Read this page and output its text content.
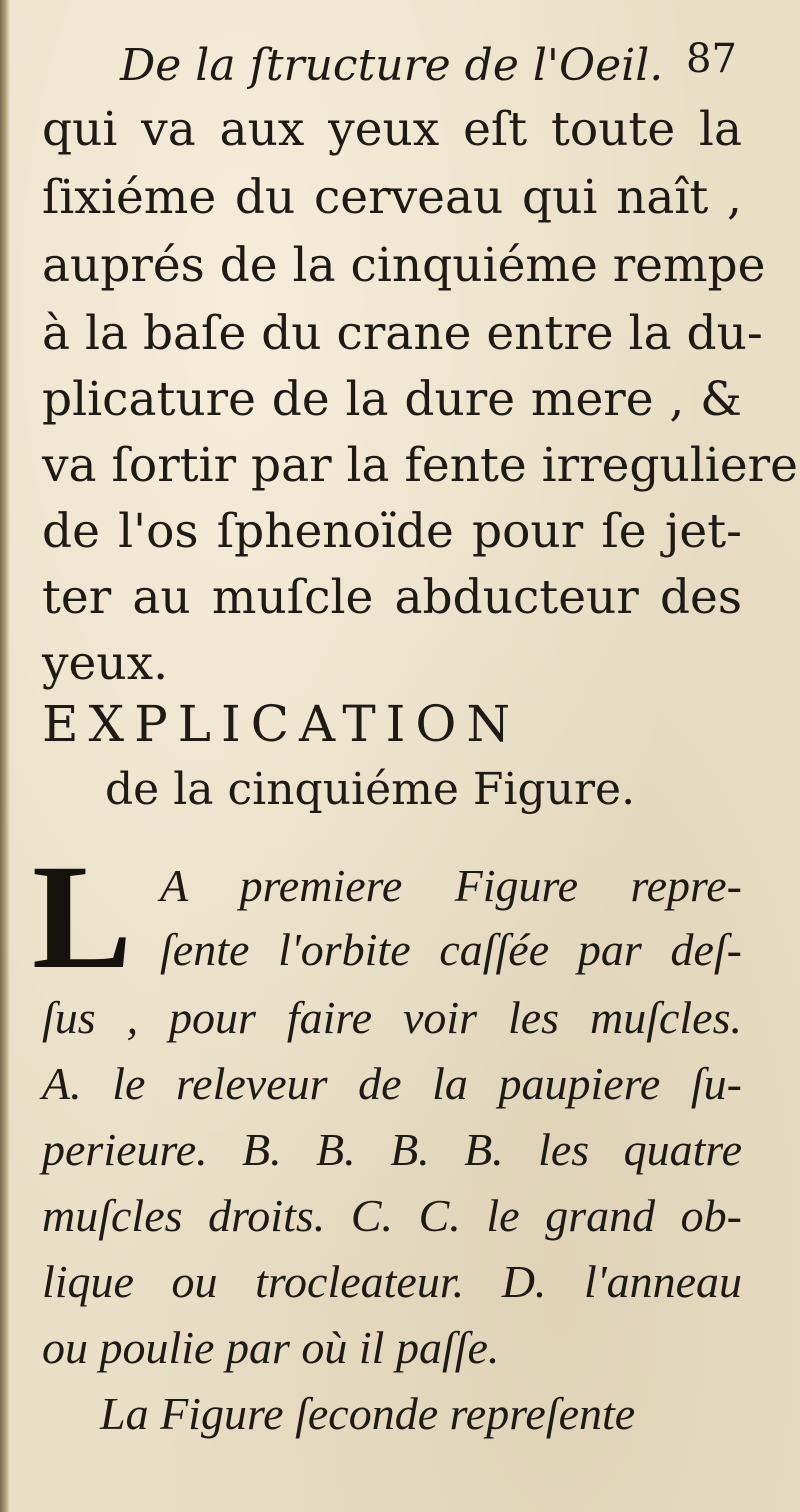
De la ſtructure de l'Oeil. 87
qui va aux yeux eſt toute la
ſixiéme du cerveau qui naît ,
auprés de la cinquiéme rempe
à la baſe du crane entre la du-
plicature de la dure mere , &
va ſortir par la fente irreguliere
de l'os ſphenoïde pour ſe jet-
ter au muſcle abducteur des
yeux.
EXPLICATION
de la cinquiéme Figure.
L A premiere Figure repre-
ſente l'orbite caſſée par deſ-
ſus , pour faire voir les muſcles.
A. le releveur de la paupiere ſu-
perieure. B. B. B. B. les quatre
muſcles droits. C. C. le grand ob-
lique ou trocleateur. D. l'anneau
ou poulie par où il paſſe.
La Figure ſeconde repreſente
